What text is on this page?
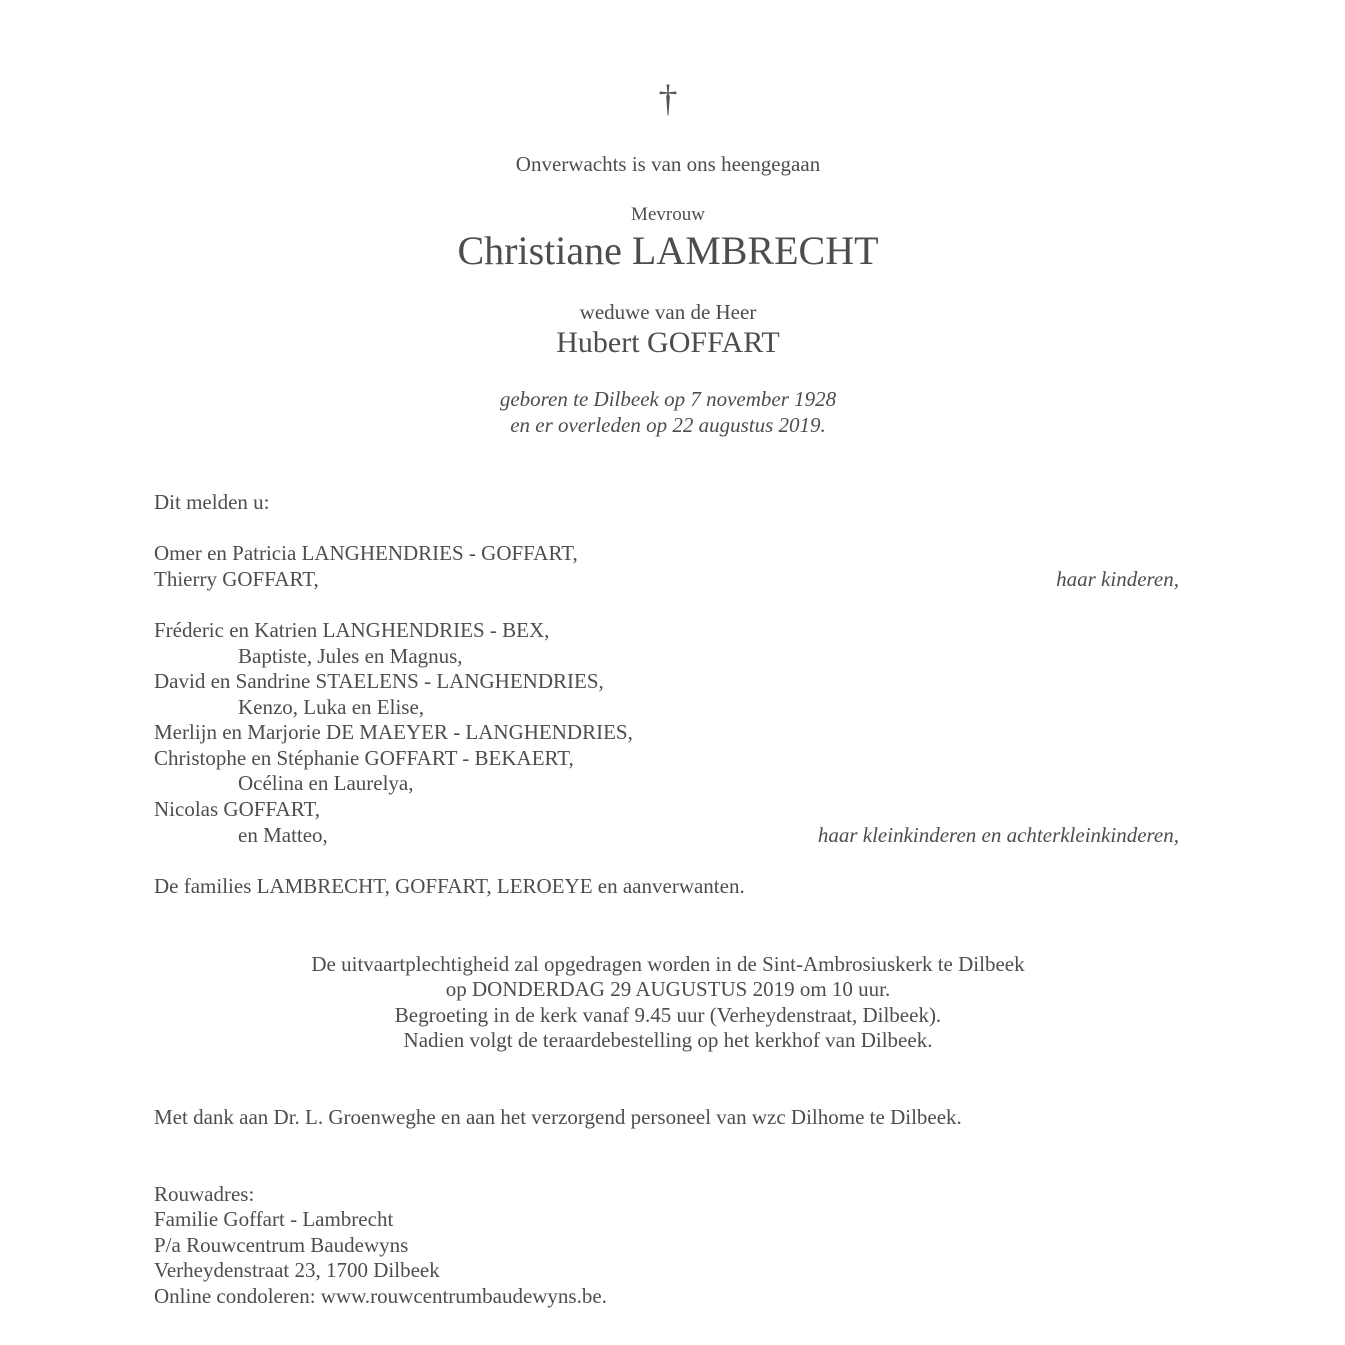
†
Onverwachts is van ons heengegaan
Mevrouw
Christiane LAMBRECHT
weduwe van de Heer
Hubert GOFFART
geboren te Dilbeek op 7 november 1928
en er overleden op 22 augustus 2019.
Dit melden u:
Omer en Patricia LANGHENDRIES - GOFFART,
Thierry GOFFART,	haar kinderen,
Fréderic en Katrien LANGHENDRIES - BEX,
Baptiste, Jules en Magnus,
David en Sandrine STAELENS - LANGHENDRIES,
Kenzo, Luka en Elise,
Merlijn en Marjorie DE MAEYER - LANGHENDRIES,
Christophe en Stéphanie GOFFART - BEKAERT,
Océlina en Laurelya,
Nicolas GOFFART,
en Matteo,	haar kleinkinderen en achterkleinkinderen,
De families LAMBRECHT, GOFFART, LEROEYE en aanverwanten.
De uitvaartplechtigheid zal opgedragen worden in de Sint-Ambrosiuskerk te Dilbeek
op DONDERDAG 29 AUGUSTUS 2019 om 10 uur.
Begroeting in de kerk vanaf 9.45 uur (Verheydenstraat, Dilbeek).
Nadien volgt de teraardebestelling op het kerkhof van Dilbeek.
Met dank aan Dr. L. Groenweghe en aan het verzorgend personeel van wzc Dilhome te Dilbeek.
Rouwadres:
Familie Goffart - Lambrecht
P/a Rouwcentrum Baudewyns
Verheydenstraat 23, 1700 Dilbeek
Online condoleren: www.rouwcentrumbaudewyns.be.
